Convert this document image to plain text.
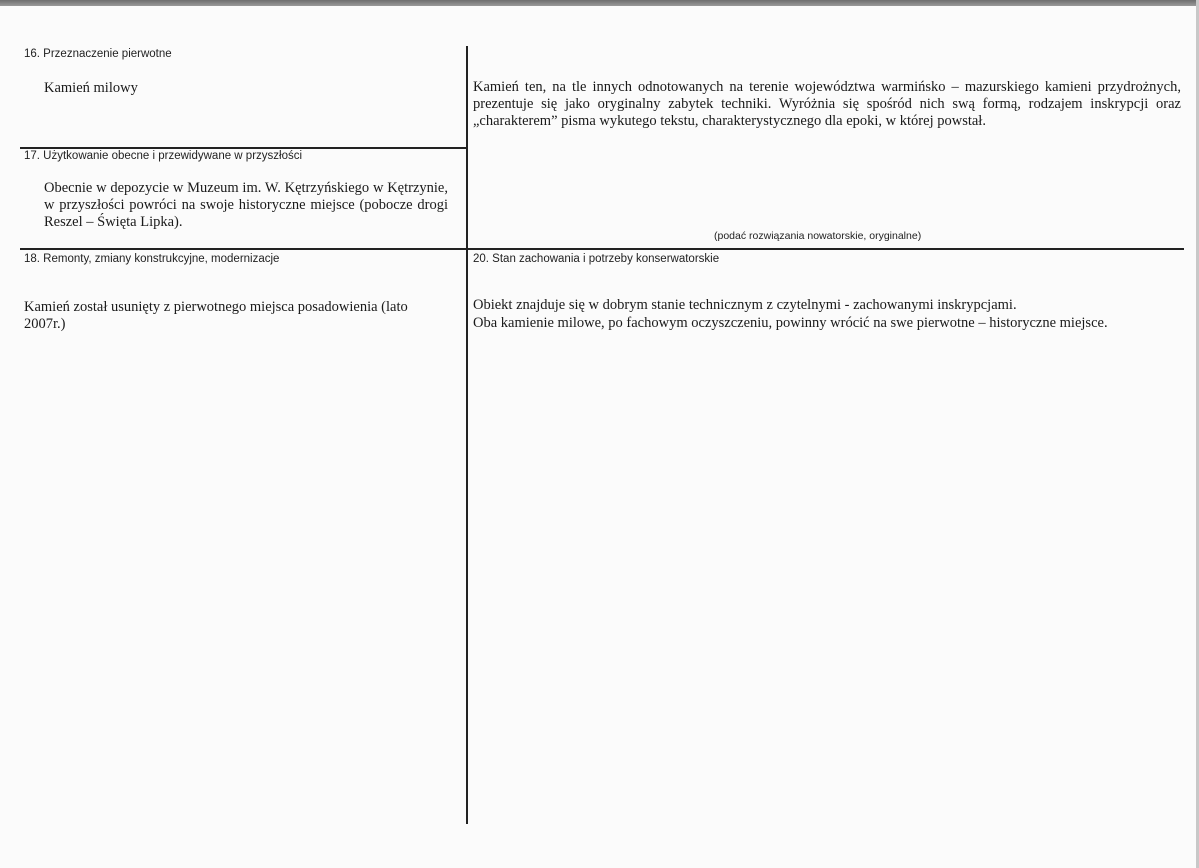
16. Przeznaczenie pierwotne
Kamień milowy
17. Użytkowanie obecne i przewidywane w przyszłości
Obecnie w depozycie w Muzeum im. W. Kętrzyńskiego w Kętrzynie, w przyszłości powróci na swoje historyczne miejsce (pobocze drogi Reszel – Święta Lipka).
Kamień ten, na tle innych odnotowanych na terenie województwa warmińsko – mazurskiego kamieni przydrożnych, prezentuje się jako oryginalny zabytek techniki. Wyróżnia się spośród nich swą formą, rodzajem inskrypcji oraz „charakterem” pisma wykutego tekstu, charakterystycznego dla epoki, w której powstał.
(podać rozwiązania nowatorskie, oryginalne)
18. Remonty, zmiany konstrukcyjne, modernizacje
Kamień został usunięty z pierwotnego miejsca posadowienia (lato 2007r.)
20. Stan zachowania i potrzeby konserwatorskie
Obiekt znajduje się w dobrym stanie technicznym z czytelnymi - zachowanymi inskrypcjami.
Oba kamienie milowe, po fachowym oczyszczeniu, powinny wrócić na swe pierwotne – historyczne miejsce.
